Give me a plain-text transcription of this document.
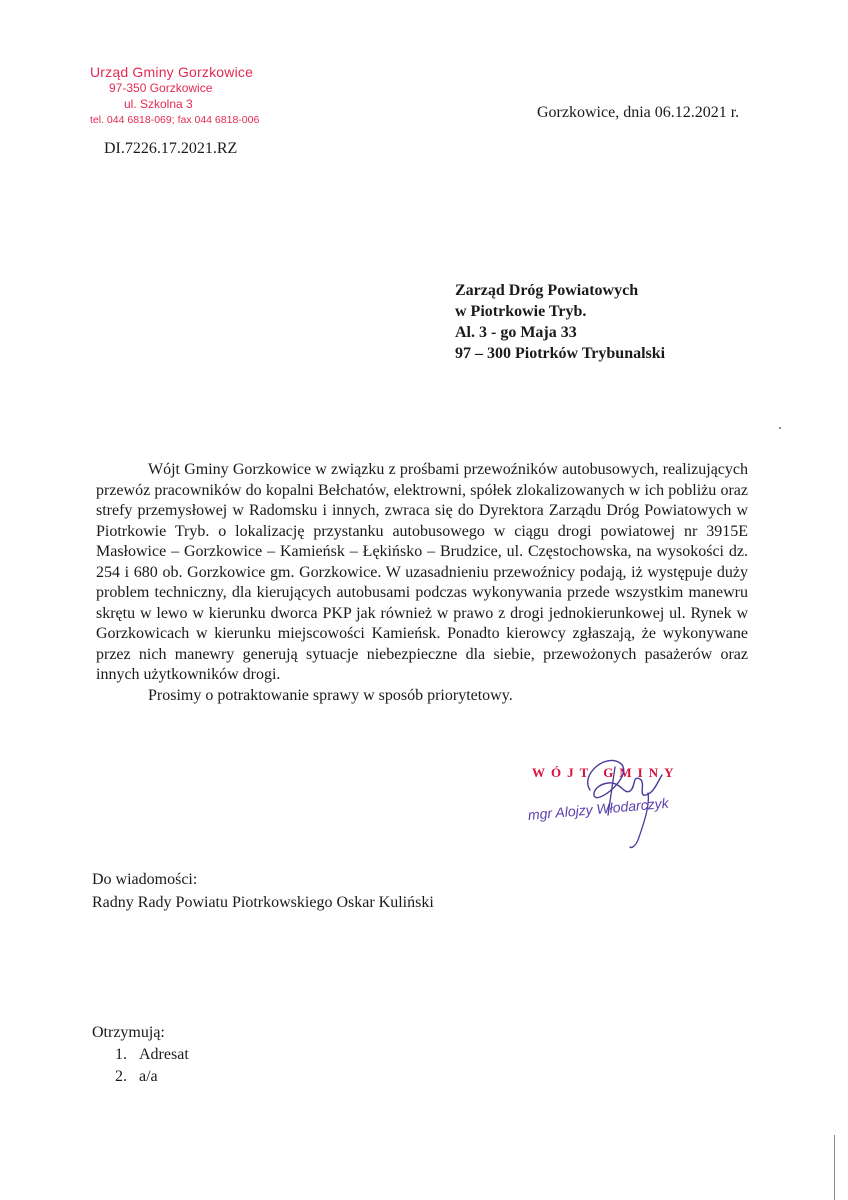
Urząd Gminy Gorzkowice
97-350 Gorzkowice
ul. Szkolna 3
tel. 044 6818-069; fax 044 6818-006	Gorzkowice, dnia 06.12.2021 r.
DI.7226.17.2021.RZ
Zarząd Dróg Powiatowych
w Piotrkowie Tryb.
Al. 3 - go Maja 33
97 – 300 Piotrków Trybunalski

Wójt Gminy Gorzkowice w związku z prośbami przewoźników autobusowych, realizujących przewóz pracowników do kopalni Bełchatów, elektrowni, spółek zlokalizowanych w ich pobliżu oraz strefy przemysłowej w Radomsku i innych, zwraca się do Dyrektora Zarządu Dróg Powiatowych w Piotrkowie Tryb. o lokalizację przystanku autobusowego w ciągu drogi powiatowej nr 3915E Masłowice – Gorzkowice – Kamieńsk – Łękińsko – Brudzice, ul. Częstochowska, na wysokości dz. 254 i 680 ob. Gorzkowice gm. Gorzkowice. W uzasadnieniu przewoźnicy podają, iż występuje duży problem techniczny, dla kierujących autobusami podczas wykonywania przede wszystkim manewru skrętu w lewo w kierunku dworca PKP jak również w prawo z drogi jednokierunkowej ul. Rynek w Gorzkowicach w kierunku miejscowości Kamieńsk. Ponadto kierowcy zgłaszają, że wykonywane przez nich manewry generują sytuacje niebezpieczne dla siebie, przewożonych pasażerów oraz innych użytkowników drogi.

Prosimy o potraktowanie sprawy w sposób priorytetowy.

WÓJT GMINY
mgr Alojzy Włodarczyk
Do wiadomości:
Radny Rady Powiatu Piotrkowskiego Oskar Kuliński
Otrzymują:
1. Adresat
2. a/a
